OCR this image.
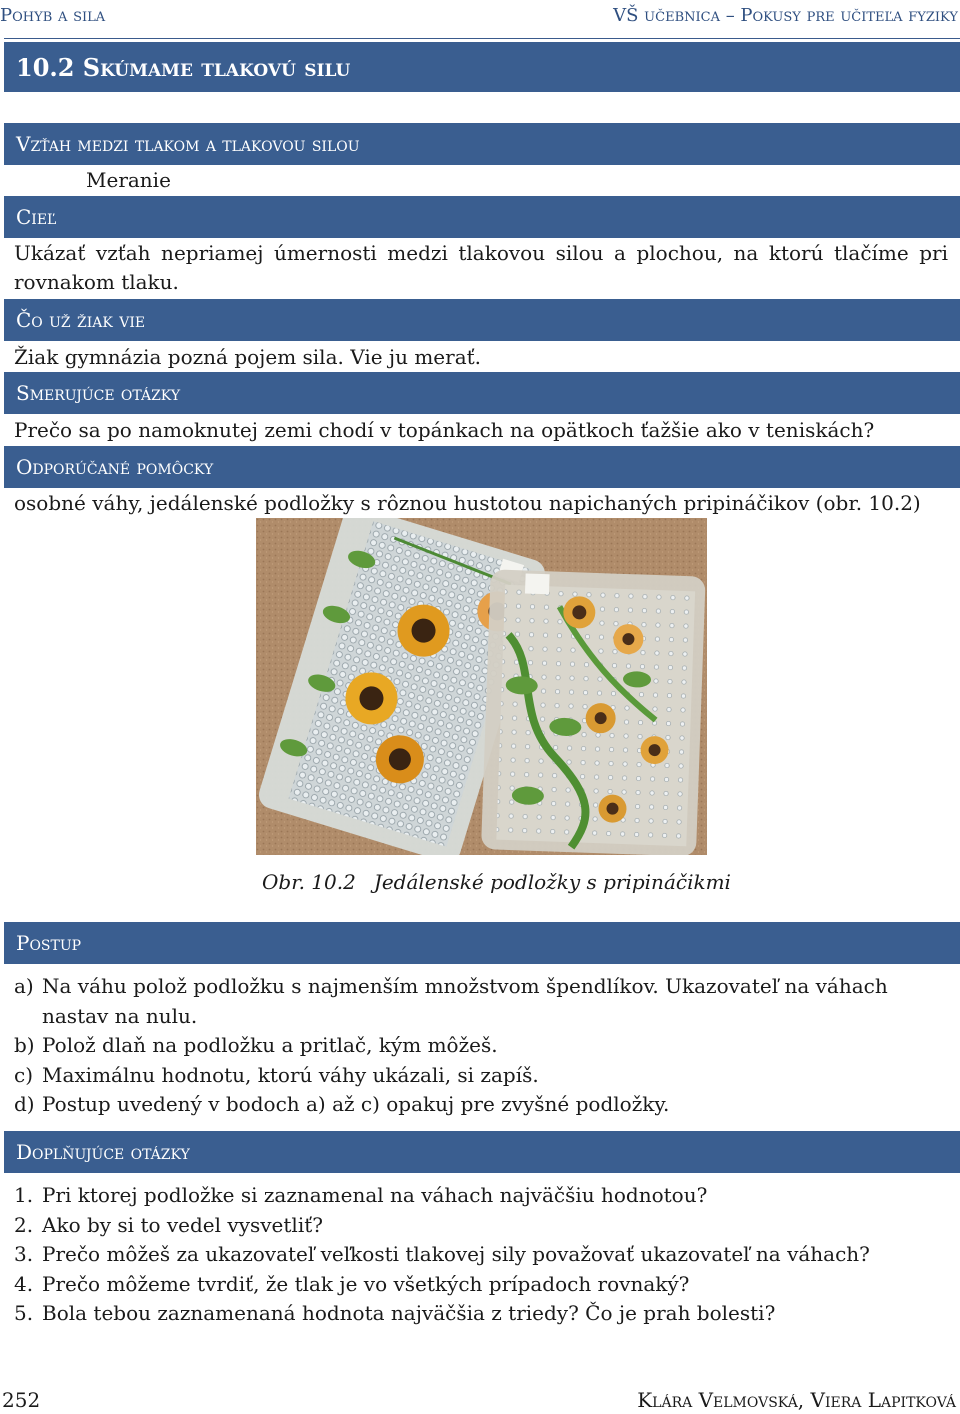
Pohyb a sila	VŠ učebnica – Pokusy pre učiteľa fyziky
10.2 Skúmame tlakovú silu
Vzťah medzi tlakom a tlakovou silou
Meranie
Cieľ
Ukázať vzťah nepriamej úmernosti medzi tlakovou silou a plochou, na ktorú tlačíme pri rovnakom tlaku.
Čo už žiak vie
Žiak gymnázia pozná pojem sila. Vie ju merať.
Smerujúce otázky
Prečo sa po namoknutej zemi chodí v topánkach na opätkoch ťažšie ako v teniskách?
Odporúčané pomôcky
osobné váhy, jedálenské podložky s rôznou hustotou napichaných pripináčikov (obr. 10.2)
Obr. 10.2 Jedálenské podložky s pripináčikmi
Postup
a) Na váhu polož podložku s najmenším množstvom špendlíkov. Ukazovateľ na váhach nastav na nulu.
b) Polož dlaň na podložku a pritlač, kým môžeš.
c) Maximálnu hodnotu, ktorú váhy ukázali, si zapíš.
d) Postup uvedený v bodoch a) až c) opakuj pre zvyšné podložky.
Doplňujúce otázky
1. Pri ktorej podložke si zaznamenal na váhach najväčšiu hodnotou?
2. Ako by si to vedel vysvetliť?
3. Prečo môžeš za ukazovateľ veľkosti tlakovej sily považovať ukazovateľ na váhach?
4. Prečo môžeme tvrdiť, že tlak je vo všetkých prípadoch rovnaký?
5. Bola tebou zaznamenaná hodnota najväčšia z triedy? Čo je prah bolesti?
252	Klára Velmovská, Viera Lapitková
